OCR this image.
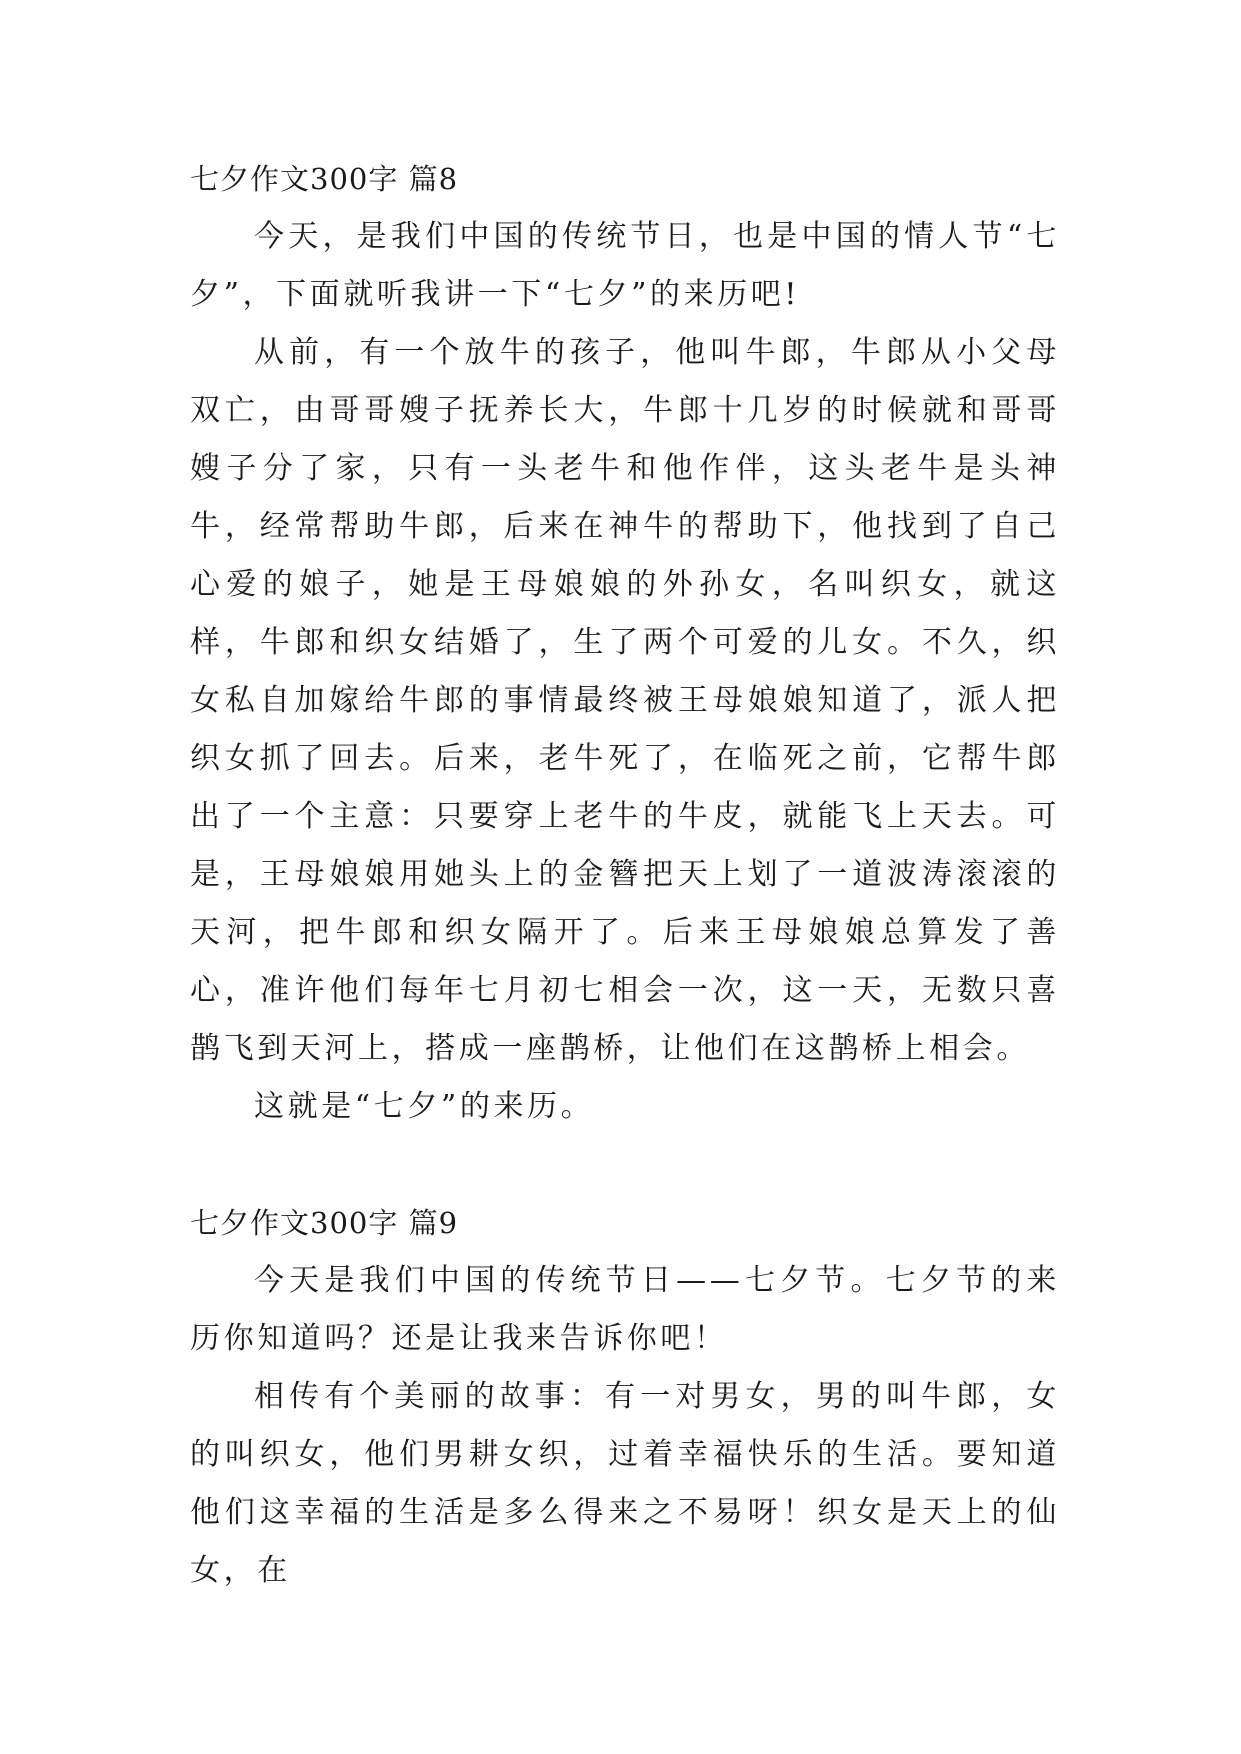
七夕作文300字 篇8

今天，是我们中国的传统节日，也是中国的情人节“七夕”，下面就听我讲一下“七夕”的来历吧!

从前，有一个放牛的孩子，他叫牛郎，牛郎从小父母双亡，由哥哥嫂子抚养长大，牛郎十几岁的时候就和哥哥嫂子分了家，只有一头老牛和他作伴，这头老牛是头神牛，经常帮助牛郎，后来在神牛的帮助下，他找到了自己心爱的娘子，她是王母娘娘的外孙女，名叫织女，就这样，牛郎和织女结婚了，生了两个可爱的儿女。不久，织女私自加嫁给牛郎的事情最终被王母娘娘知道了，派人把织女抓了回去。后来，老牛死了，在临死之前，它帮牛郎出了一个主意：只要穿上老牛的牛皮，就能飞上天去。可是，王母娘娘用她头上的金簪把天上划了一道波涛滚滚的天河，把牛郎和织女隔开了。后来王母娘娘总算发了善心，准许他们每年七月初七相会一次，这一天，无数只喜鹊飞到天河上，搭成一座鹊桥，让他们在这鹊桥上相会。

这就是“七夕”的来历。

七夕作文300字 篇9

今天是我们中国的传统节日——七夕节。七夕节的来历你知道吗？还是让我来告诉你吧！

相传有个美丽的故事：有一对男女，男的叫牛郎，女的叫织女，他们男耕女织，过着幸福快乐的生活。要知道他们这幸福的生活是多么得来之不易呀！织女是天上的仙女，在
